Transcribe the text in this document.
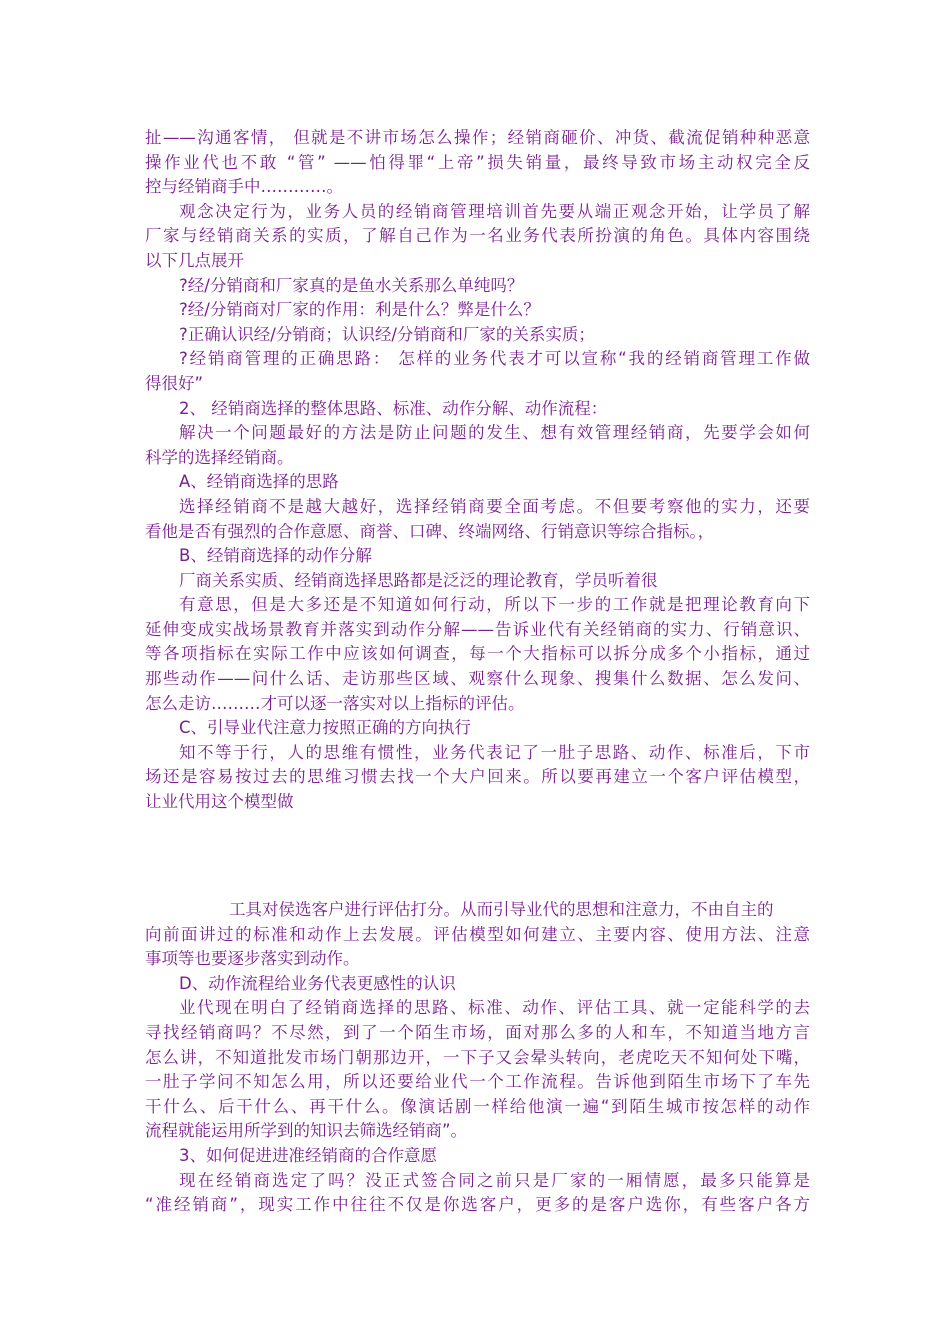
扯——沟通客情， 但就是不讲市场怎么操作；经销商砸价、冲货、截流促销种种恶意
操作业代也不敢 “管” ——怕得罪“上帝”损失销量，最终导致市场主动权完全反
控与经销商手中…………。
观念决定行为，业务人员的经销商管理培训首先要从端正观念开始，让学员了解
厂家与经销商关系的实质，了解自己作为一名业务代表所扮演的角色。具体内容围绕
以下几点展开
?经/分销商和厂家真的是鱼水关系那么单纯吗？
?经/分销商对厂家的作用：利是什么？弊是什么？
?正确认识经/分销商；认识经/分销商和厂家的关系实质；
?经销商管理的正确思路： 怎样的业务代表才可以宣称“我的经销商管理工作做
得很好”
2、 经销商选择的整体思路、标准、动作分解、动作流程：
解决一个问题最好的方法是防止问题的发生、想有效管理经销商，先要学会如何
科学的选择经销商。
A、经销商选择的思路
选择经销商不是越大越好，选择经销商要全面考虑。不但要考察他的实力，还要
看他是否有强烈的合作意愿、商誉、口碑、终端网络、行销意识等综合指标。，
B、经销商选择的动作分解
厂商关系实质、经销商选择思路都是泛泛的理论教育，学员听着很
有意思，但是大多还是不知道如何行动，所以下一步的工作就是把理论教育向下
延伸变成实战场景教育并落实到动作分解——告诉业代有关经销商的实力、行销意识、
等各项指标在实际工作中应该如何调查，每一个大指标可以拆分成多个小指标，通过
那些动作——问什么话、走访那些区域、观察什么现象、搜集什么数据、怎么发问、
怎么走访………才可以逐一落实对以上指标的评估。
C、引导业代注意力按照正确的方向执行
知不等于行，人的思维有惯性，业务代表记了一肚子思路、动作、标准后，下市
场还是容易按过去的思维习惯去找一个大户回来。所以要再建立一个客户评估模型，
让业代用这个模型做
工具对侯选客户进行评估打分。从而引导业代的思想和注意力，不由自主的
向前面讲过的标准和动作上去发展。评估模型如何建立、主要内容、使用方法、注意
事项等也要逐步落实到动作。
D、动作流程给业务代表更感性的认识
业代现在明白了经销商选择的思路、标准、动作、评估工具、就一定能科学的去
寻找经销商吗？不尽然，到了一个陌生市场，面对那么多的人和车，不知道当地方言
怎么讲，不知道批发市场门朝那边开，一下子又会晕头转向，老虎吃天不知何处下嘴，
一肚子学问不知怎么用，所以还要给业代一个工作流程。告诉他到陌生市场下了车先
干什么、后干什么、再干什么。像演话剧一样给他演一遍“到陌生城市按怎样的动作
流程就能运用所学到的知识去筛选经销商”。
3、如何促进进准经销商的合作意愿
现在经销商选定了吗？没正式签合同之前只是厂家的一厢情愿，最多只能算是
“准经销商”，现实工作中往往不仅是你选客户，更多的是客户选你，有些客户各方
